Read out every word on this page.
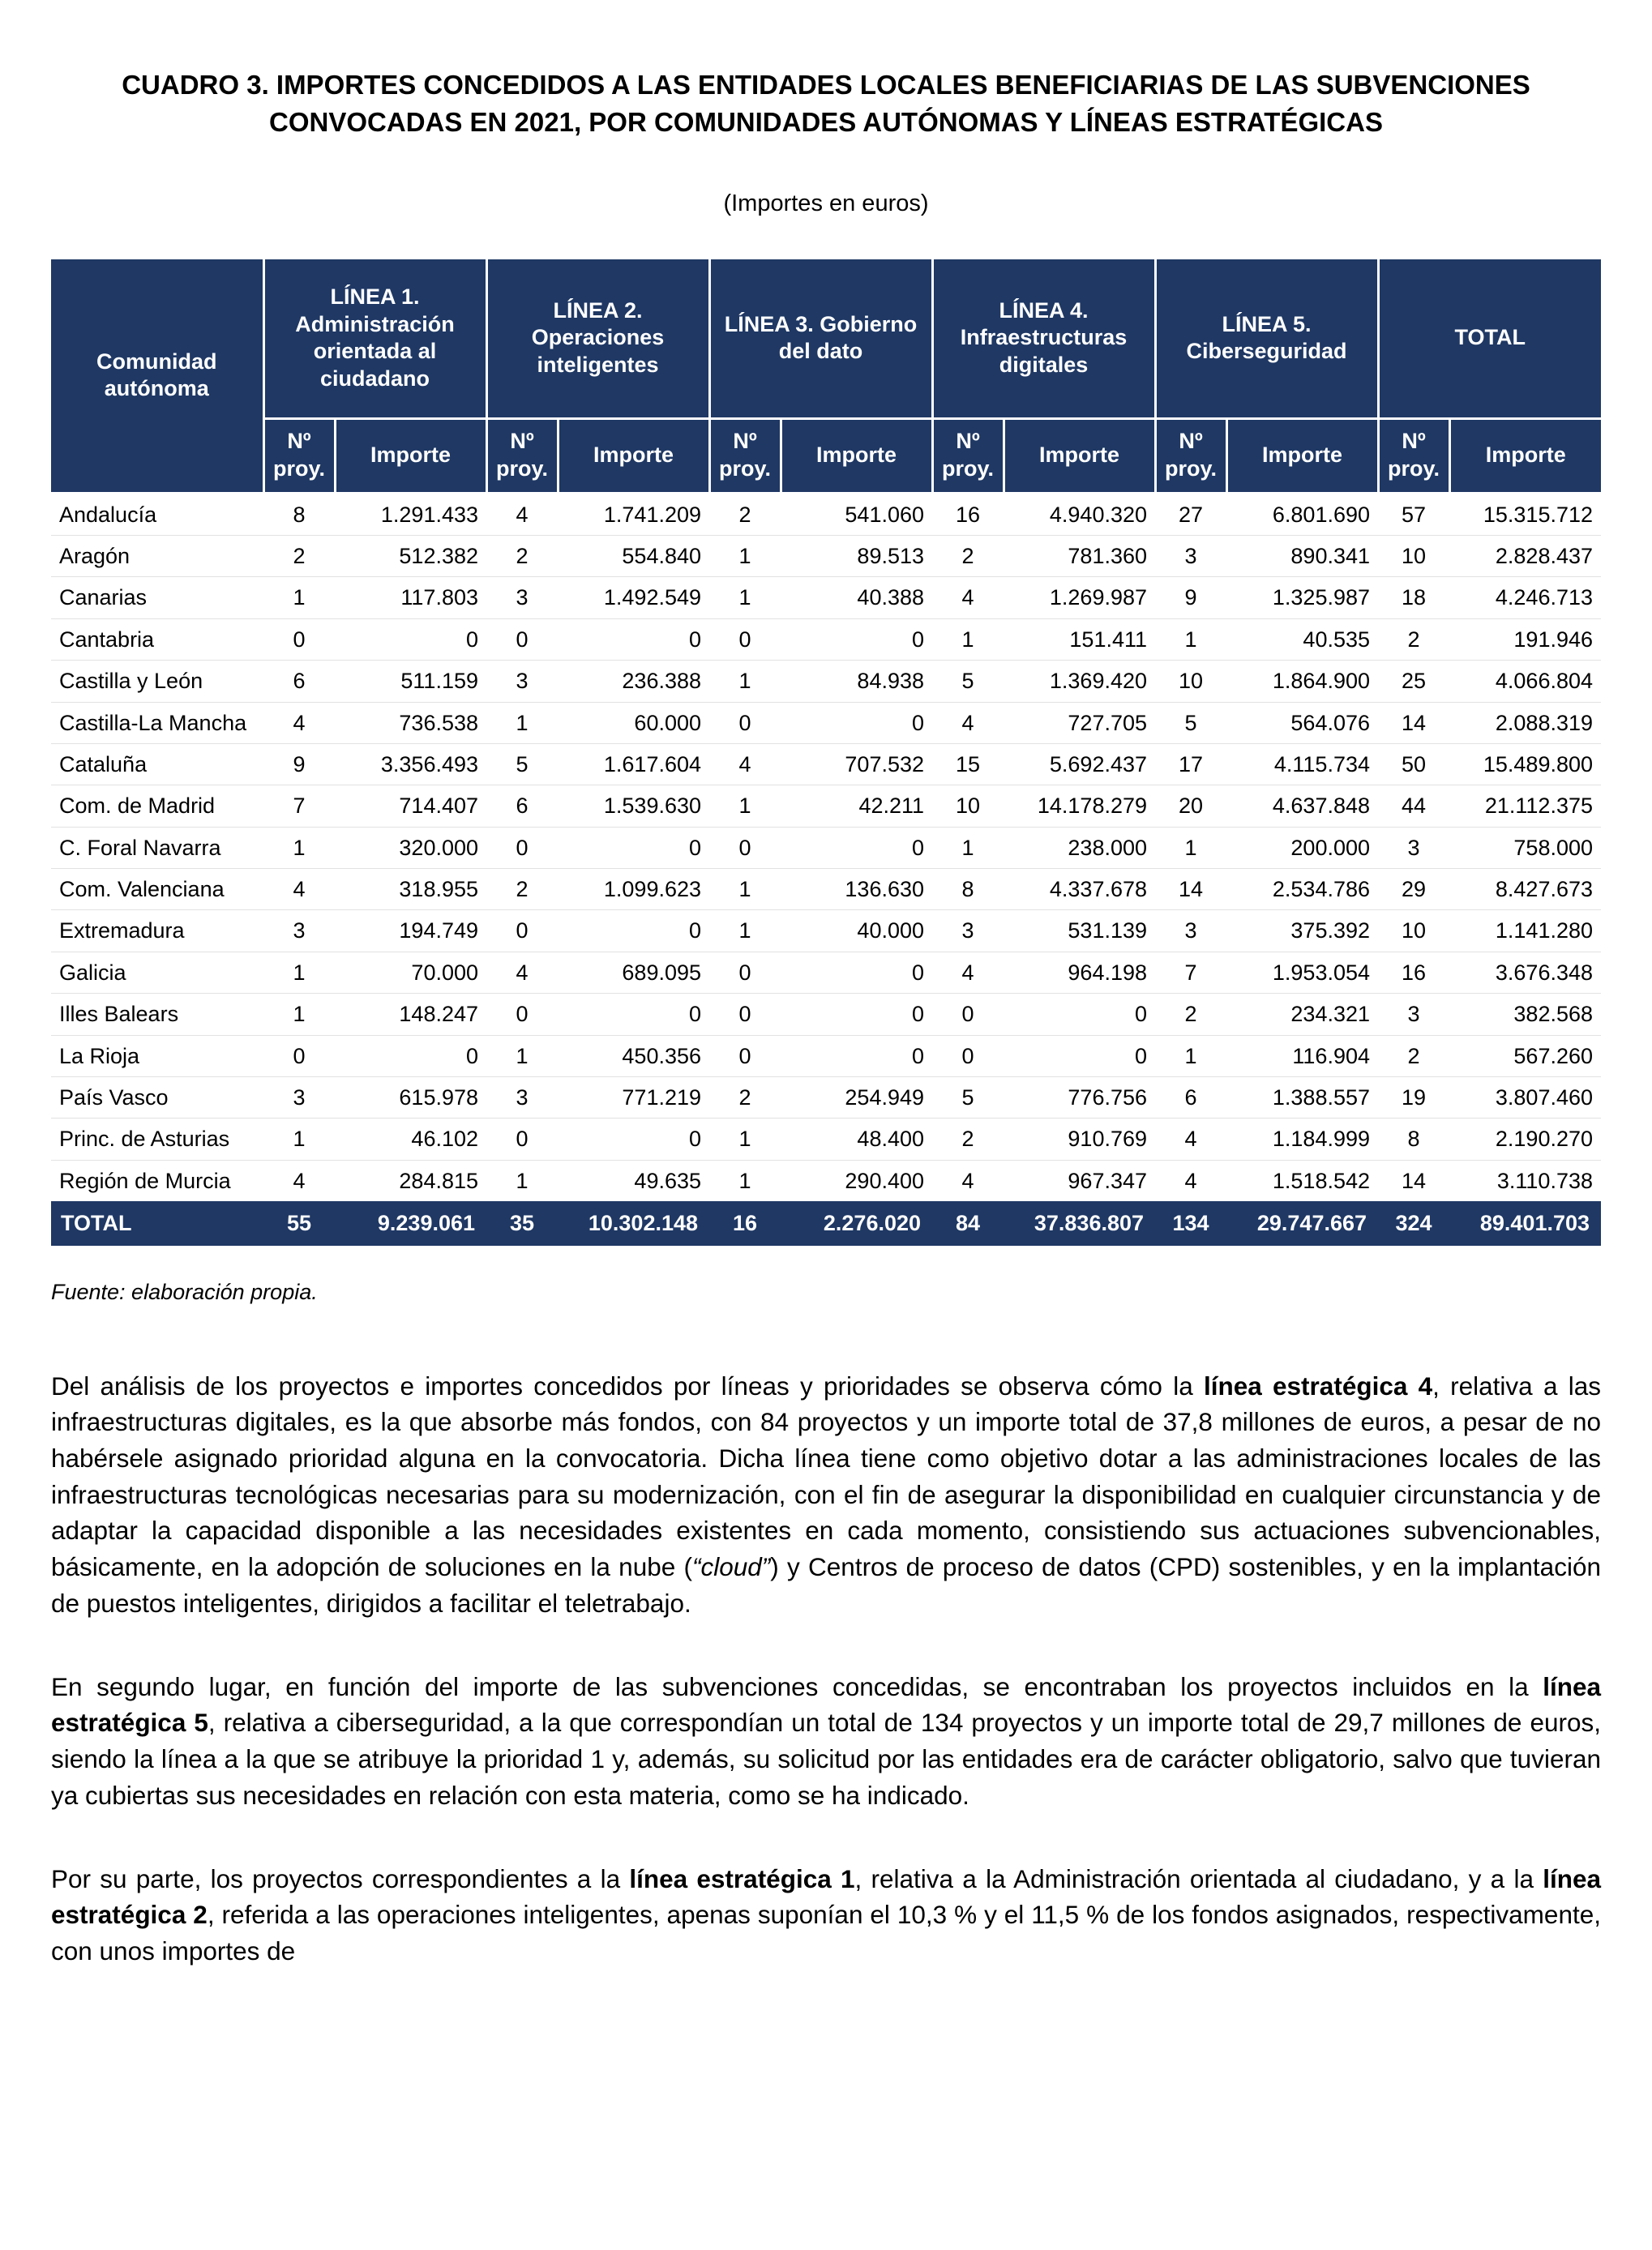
CUADRO 3. IMPORTES CONCEDIDOS A LAS ENTIDADES LOCALES BENEFICIARIAS DE LAS SUBVENCIONES CONVOCADAS EN 2021, POR COMUNIDADES AUTÓNOMAS Y LÍNEAS ESTRATÉGICAS
(Importes en euros)
Comunidad autónoma	LÍNEA 1. Administración orientada al ciudadano		LÍNEA 2. Operaciones inteligentes		LÍNEA 3. Gobierno del dato		LÍNEA 4. Infraestructuras digitales		LÍNEA 5. Ciberseguridad		TOTAL	
	Nº proy.	Importe	Nº proy.	Importe	Nº proy.	Importe	Nº proy.	Importe	Nº proy.	Importe	Nº proy.	Importe
Andalucía	8	1.291.433	4	1.741.209	2	541.060	16	4.940.320	27	6.801.690	57	15.315.712
Aragón	2	512.382	2	554.840	1	89.513	2	781.360	3	890.341	10	2.828.437
Canarias	1	117.803	3	1.492.549	1	40.388	4	1.269.987	9	1.325.987	18	4.246.713
Cantabria	0	0	0	0	0	0	1	151.411	1	40.535	2	191.946
Castilla y León	6	511.159	3	236.388	1	84.938	5	1.369.420	10	1.864.900	25	4.066.804
Castilla-La Mancha	4	736.538	1	60.000	0	0	4	727.705	5	564.076	14	2.088.319
Cataluña	9	3.356.493	5	1.617.604	4	707.532	15	5.692.437	17	4.115.734	50	15.489.800
Com. de Madrid	7	714.407	6	1.539.630	1	42.211	10	14.178.279	20	4.637.848	44	21.112.375
C. Foral Navarra	1	320.000	0	0	0	0	1	238.000	1	200.000	3	758.000
Com. Valenciana	4	318.955	2	1.099.623	1	136.630	8	4.337.678	14	2.534.786	29	8.427.673
Extremadura	3	194.749	0	0	1	40.000	3	531.139	3	375.392	10	1.141.280
Galicia	1	70.000	4	689.095	0	0	4	964.198	7	1.953.054	16	3.676.348
Illes Balears	1	148.247	0	0	0	0	0	0	2	234.321	3	382.568
La Rioja	0	0	1	450.356	0	0	0	0	1	116.904	2	567.260
País Vasco	3	615.978	3	771.219	2	254.949	5	776.756	6	1.388.557	19	3.807.460
Princ. de Asturias	1	46.102	0	0	1	48.400	2	910.769	4	1.184.999	8	2.190.270
Región de Murcia	4	284.815	1	49.635	1	290.400	4	967.347	4	1.518.542	14	3.110.738
TOTAL	55	9.239.061	35	10.302.148	16	2.276.020	84	37.836.807	134	29.747.667	324	89.401.703
Fuente: elaboración propia.

Del análisis de los proyectos e importes concedidos por líneas y prioridades se observa cómo la línea estratégica 4, relativa a las infraestructuras digitales, es la que absorbe más fondos, con 84 proyectos y un importe total de 37,8 millones de euros, a pesar de no habérsele asignado prioridad alguna en la convocatoria. Dicha línea tiene como objetivo dotar a las administraciones locales de las infraestructuras tecnológicas necesarias para su modernización, con el fin de asegurar la disponibilidad en cualquier circunstancia y de adaptar la capacidad disponible a las necesidades existentes en cada momento, consistiendo sus actuaciones subvencionables, básicamente, en la adopción de soluciones en la nube (“cloud”) y Centros de proceso de datos (CPD) sostenibles, y en la implantación de puestos inteligentes, dirigidos a facilitar el teletrabajo.

En segundo lugar, en función del importe de las subvenciones concedidas, se encontraban los proyectos incluidos en la línea estratégica 5, relativa a ciberseguridad, a la que correspondían un total de 134 proyectos y un importe total de 29,7 millones de euros, siendo la línea a la que se atribuye la prioridad 1 y, además, su solicitud por las entidades era de carácter obligatorio, salvo que tuvieran ya cubiertas sus necesidades en relación con esta materia, como se ha indicado.

Por su parte, los proyectos correspondientes a la línea estratégica 1, relativa a la Administración orientada al ciudadano, y a la línea estratégica 2, referida a las operaciones inteligentes, apenas suponían el 10,3 % y el 11,5 % de los fondos asignados, respectivamente, con unos importes de
